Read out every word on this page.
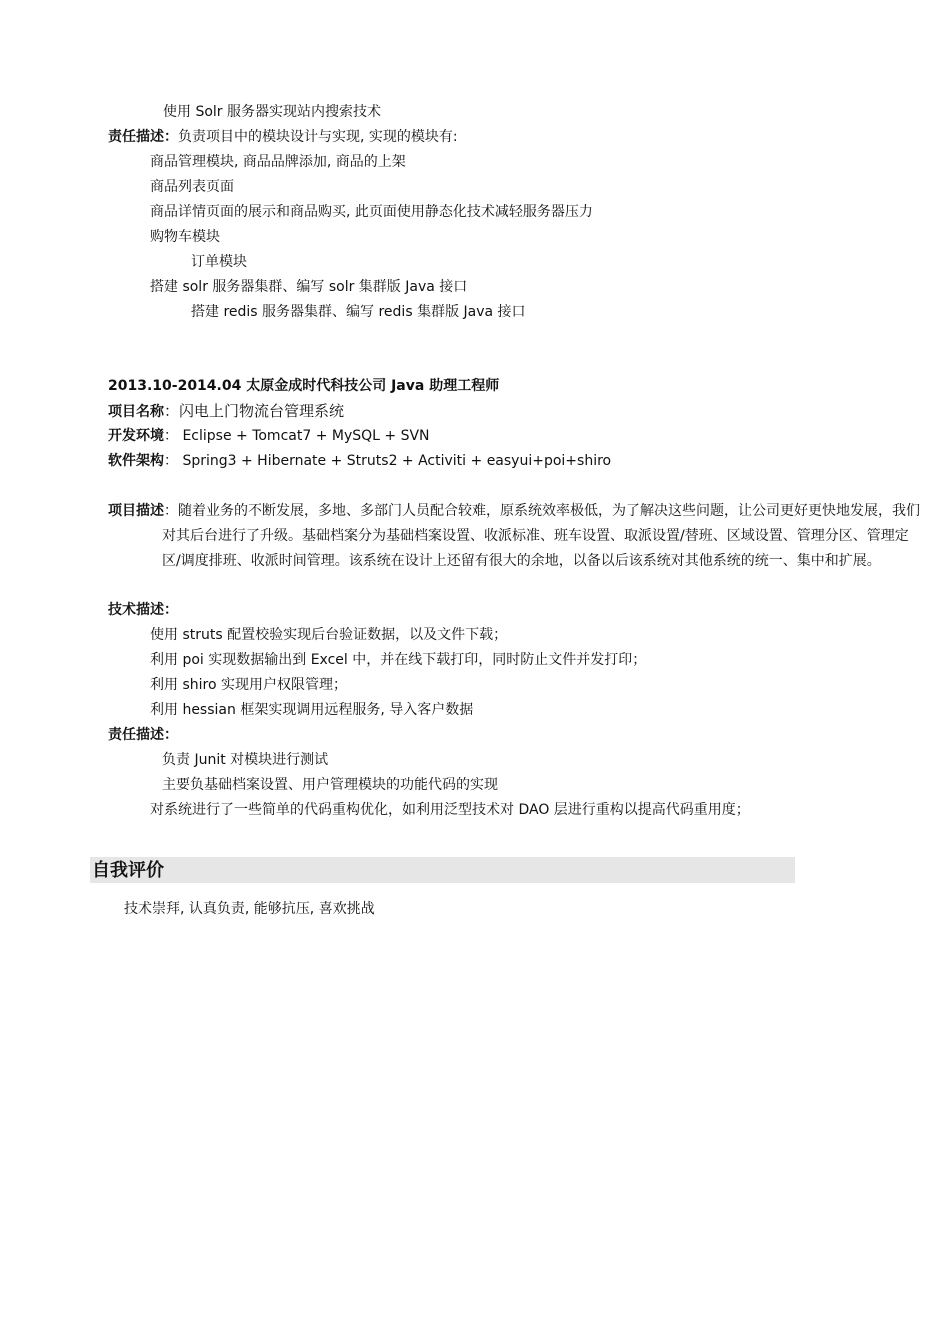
使用 Solr 服务器实现站内搜索技术
责任描述：负责项目中的模块设计与实现, 实现的模块有:
商品管理模块, 商品品牌添加, 商品的上架
商品列表页面
商品详情页面的展示和商品购买, 此页面使用静态化技术减轻服务器压力
购物车模块
订单模块
搭建 solr 服务器集群、编写 solr 集群版 Java 接口
搭建 redis 服务器集群、编写 redis 集群版 Java 接口
2013.10-2014.04 太原金成时代科技公司 Java 助理工程师
项目名称：闪电上门物流台管理系统
开发环境： Eclipse + Tomcat7 + MySQL + SVN
软件架构： Spring3 + Hibernate + Struts2 + Activiti + easyui+poi+shiro
项目描述：随着业务的不断发展，多地、多部门人员配合较难，原系统效率极低，为了解决这些问题，让公司更好更快地发展，我们对其后台进行了升级。基础档案分为基础档案设置、收派标准、班车设置、取派设置/替班、区域设置、管理分区、管理定区/调度排班、收派时间管理。该系统在设计上还留有很大的余地，以备以后该系统对其他系统的统一、集中和扩展。
技术描述：
使用 struts 配置校验实现后台验证数据，以及文件下载；
利用 poi 实现数据输出到 Excel 中，并在线下载打印，同时防止文件并发打印；
利用 shiro 实现用户权限管理；
利用 hessian 框架实现调用远程服务, 导入客户数据
责任描述：
负责 Junit 对模块进行测试
主要负基础档案设置、用户管理模块的功能代码的实现
对系统进行了一些简单的代码重构优化，如利用泛型技术对 DAO 层进行重构以提高代码重用度；
自我评价
技术崇拜, 认真负责, 能够抗压, 喜欢挑战
